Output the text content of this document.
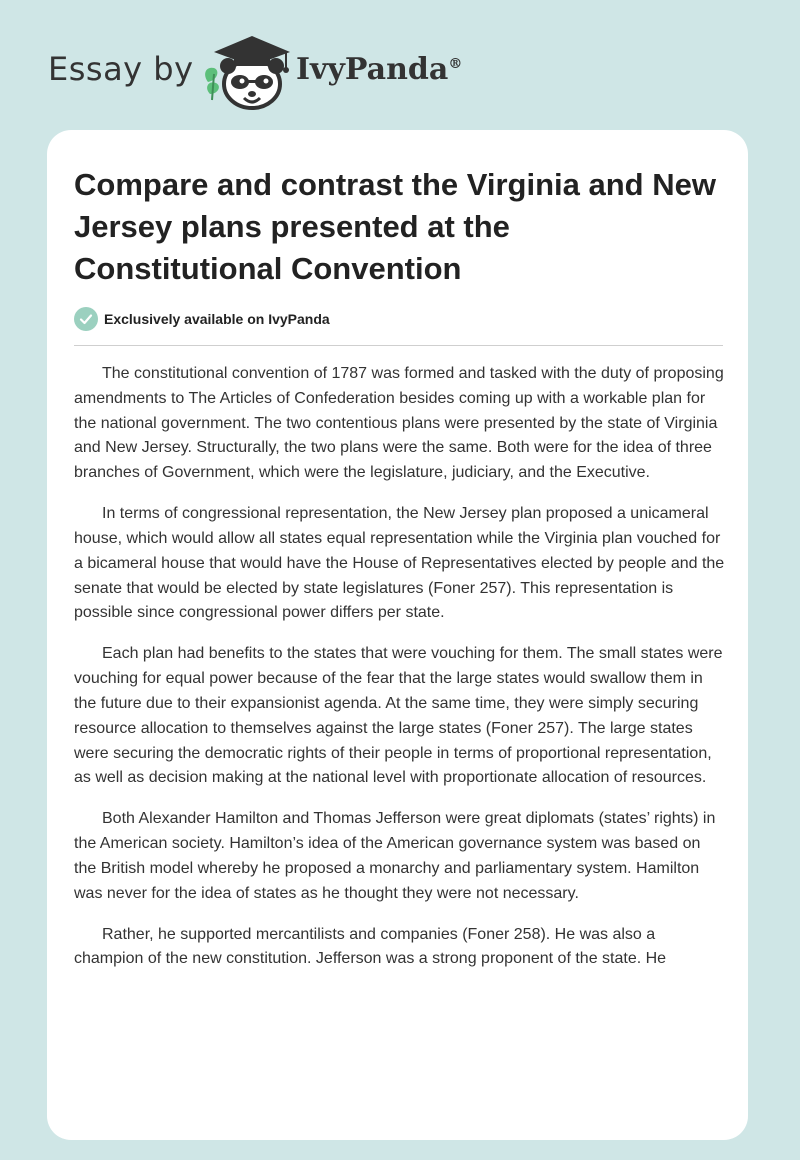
Essay by	IvyPanda®
Compare and contrast the Virginia and New Jersey plans presented at the Constitutional Convention
Exclusively available on IvyPanda

The constitutional convention of 1787 was formed and tasked with the duty of proposing amendments to The Articles of Confederation besides coming up with a workable plan for the national government. The two contentious plans were presented by the state of Virginia and New Jersey. Structurally, the two plans were the same. Both were for the idea of three branches of Government, which were the legislature, judiciary, and the Executive.

In terms of congressional representation, the New Jersey plan proposed a unicameral house, which would allow all states equal representation while the Virginia plan vouched for a bicameral house that would have the House of Representatives elected by people and the senate that would be elected by state legislatures (Foner 257). This representation is possible since congressional power differs per state.

Each plan had benefits to the states that were vouching for them. The small states were vouching for equal power because of the fear that the large states would swallow them in the future due to their expansionist agenda. At the same time, they were simply securing resource allocation to themselves against the large states (Foner 257). The large states were securing the democratic rights of their people in terms of proportional representation, as well as decision making at the national level with proportionate allocation of resources.

Both Alexander Hamilton and Thomas Jefferson were great diplomats (states’ rights) in the American society. Hamilton’s idea of the American governance system was based on the British model whereby he proposed a monarchy and parliamentary system. Hamilton was never for the idea of states as he thought they were not necessary.

Rather, he supported mercantilists and companies (Foner 258). He was also a champion of the new constitution. Jefferson was a strong proponent of the state. He
